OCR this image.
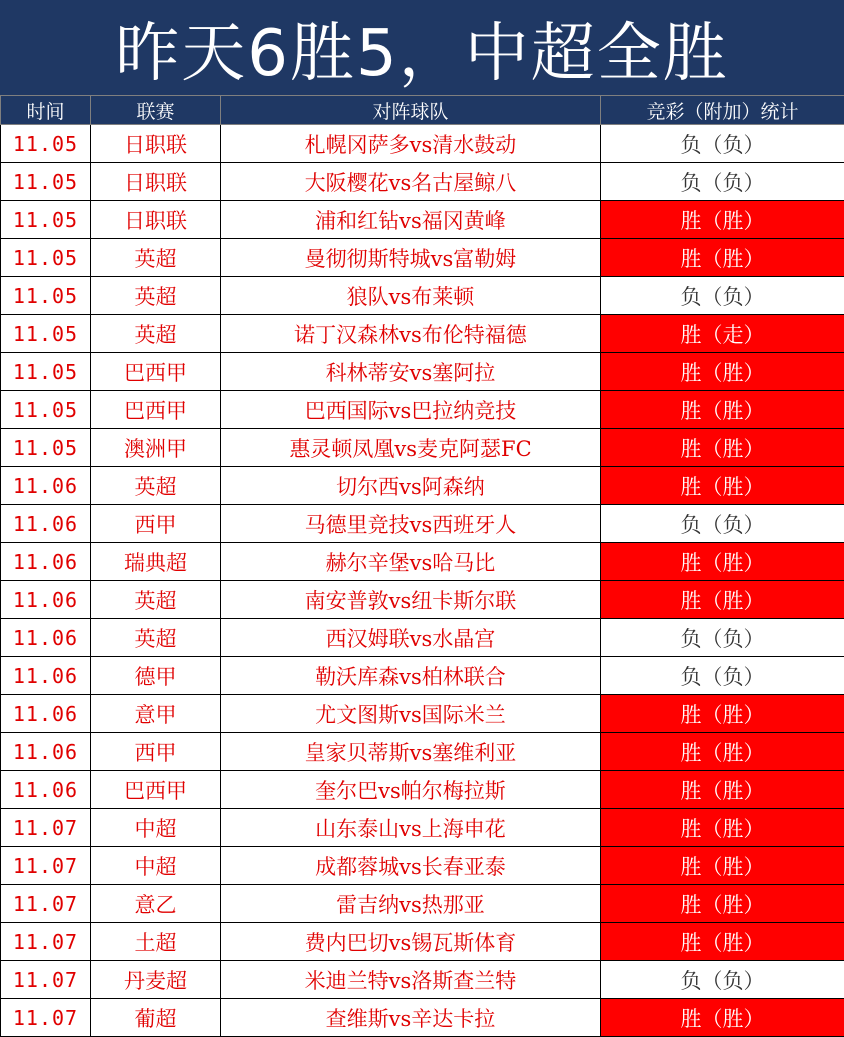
昨天6胜5，中超全胜
时间	联赛	对阵球队	竞彩（附加）统计
11.05	日职联	札幌冈萨多vs清水鼓动	负（负）
11.05	日职联	大阪樱花vs名古屋鲸八	负（负）
11.05	日职联	浦和红钻vs福冈黄峰	胜（胜）
11.05	英超	曼彻彻斯特城vs富勒姆	胜（胜）
11.05	英超	狼队vs布莱顿	负（负）
11.05	英超	诺丁汉森林vs布伦特福德	胜（走）
11.05	巴西甲	科林蒂安vs塞阿拉	胜（胜）
11.05	巴西甲	巴西国际vs巴拉纳竞技	胜（胜）
11.05	澳洲甲	惠灵顿凤凰vs麦克阿瑟FC	胜（胜）
11.06	英超	切尔西vs阿森纳	胜（胜）
11.06	西甲	马德里竞技vs西班牙人	负（负）
11.06	瑞典超	赫尔辛堡vs哈马比	胜（胜）
11.06	英超	南安普敦vs纽卡斯尔联	胜（胜）
11.06	英超	西汉姆联vs水晶宫	负（负）
11.06	德甲	勒沃库森vs柏林联合	负（负）
11.06	意甲	尤文图斯vs国际米兰	胜（胜）
11.06	西甲	皇家贝蒂斯vs塞维利亚	胜（胜）
11.06	巴西甲	奎尔巴vs帕尔梅拉斯	胜（胜）
11.07	中超	山东泰山vs上海申花	胜（胜）
11.07	中超	成都蓉城vs长春亚泰	胜（胜）
11.07	意乙	雷吉纳vs热那亚	胜（胜）
11.07	土超	费内巴切vs锡瓦斯体育	胜（胜）
11.07	丹麦超	米迪兰特vs洛斯查兰特	负（负）
11.07	葡超	查维斯vs辛达卡拉	胜（胜）
